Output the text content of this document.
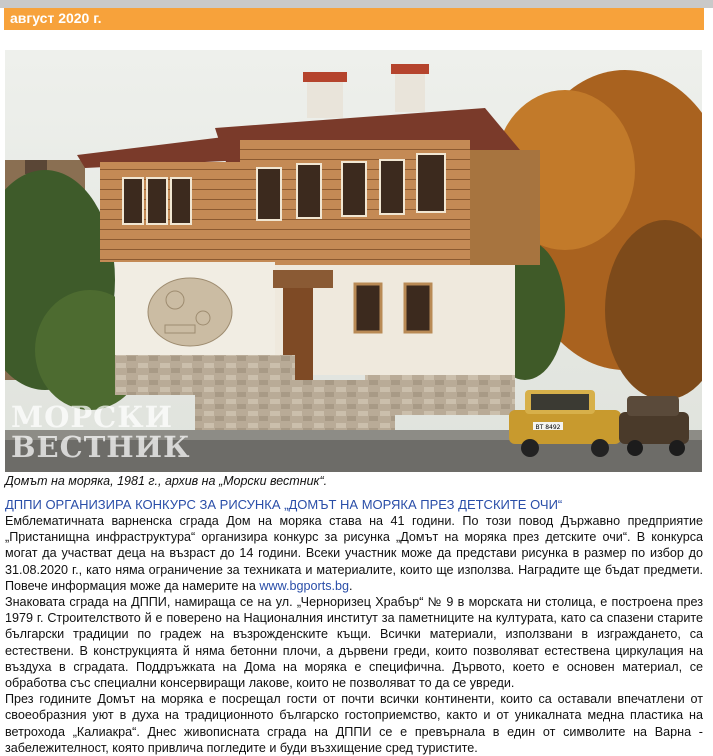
август 2020 г.
ВТ 8492
МОРСКИ
ВЕСТНИК
Домът на моряка, 1981 г., архив на „Морски вестник“.
ДППИ ОРГАНИЗИРА КОНКУРС ЗА РИСУНКА „ДОМЪТ НА МОРЯКА ПРЕЗ ДЕТСКИТЕ ОЧИ“

Емблематичната варненска сграда Дом на моряка става на 41 години. По този повод Държавно предприятие „Пристанищна инфраструктура“ организира конкурс за рисунка „Домът на моряка през детските очи“. В конкурса могат да участват деца на възраст до 14 години. Всеки участник може да представи рисунка в размер по избор до 31.08.2020 г., като няма ограничение за техниката и материалите, които ще използва. Наградите ще бъдат предмети. Повече информация може да намерите на www.bgports.bg.

Знаковата сграда на ДППИ, намираща се на ул. „Черноризец Храбър“ № 9 в морската ни столица, е построена през 1979 г. Строителството й е поверено на Националния институт за паметниците на културата, като са спазени старите български традиции по градеж на възрожденските къщи. Всички материали, използвани в изграждането, са естествени. В конструкцията й няма бетонни плочи, а дървени греди, които позволяват естествена циркулация на въздуха в сградата. Поддръжката на Дома на моряка е специфична. Дървото, което е основен материал, се обработва със специални консервиращи лакове, които не позволяват то да се увреди.

През годините Домът на моряка е посрещал гости от почти всички континенти, които са оставали впечатлени от своеобразния уют в духа на традиционното българско гостоприемство, както и от уникалната медна пластика на ветрохода „Калиакра“. Днес живописната сграда на ДППИ се е превърнала в един от символите на Варна - забележителност, която привлича погледите и буди възхищение сред туристите.
